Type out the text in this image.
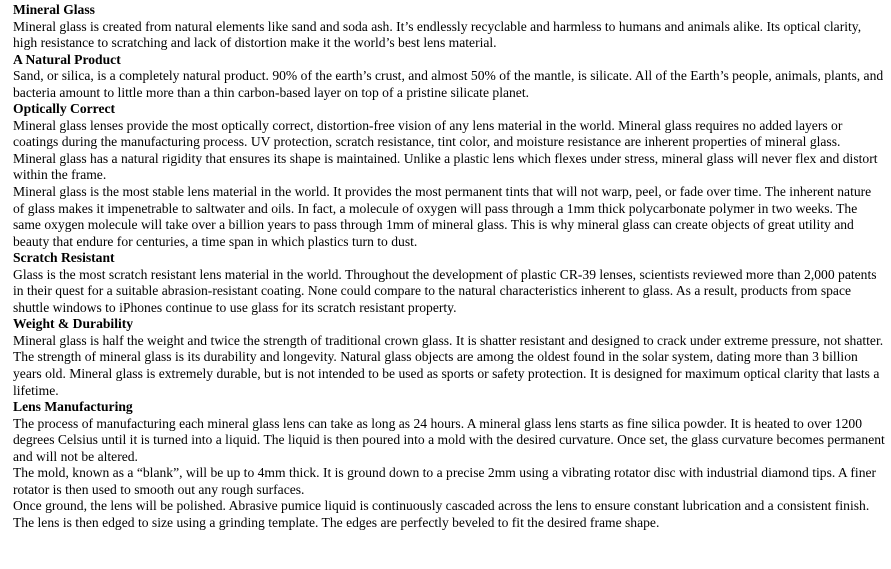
Mineral Glass
Mineral glass is created from natural elements like sand and soda ash. It’s endlessly recyclable and harmless to humans and animals alike. Its optical clarity, high resistance to scratching and lack of distortion make it the world’s best lens material.
A Natural Product
Sand, or silica, is a completely natural product. 90% of the earth’s crust, and almost 50% of the mantle, is silicate. All of the Earth’s people, animals, plants, and bacteria amount to little more than a thin carbon-based layer on top of a pristine silicate planet.
Optically Correct
Mineral glass lenses provide the most optically correct, distortion-free vision of any lens material in the world. Mineral glass requires no added layers or coatings during the manufacturing process. UV protection, scratch resistance, tint color, and moisture resistance are inherent properties of mineral glass.
Mineral glass has a natural rigidity that ensures its shape is maintained. Unlike a plastic lens which flexes under stress, mineral glass will never flex and distort within the frame.
Mineral glass is the most stable lens material in the world. It provides the most permanent tints that will not warp, peel, or fade over time. The inherent nature of glass makes it impenetrable to saltwater and oils. In fact, a molecule of oxygen will pass through a 1mm thick polycarbonate polymer in two weeks. The same oxygen molecule will take over a billion years to pass through 1mm of mineral glass. This is why mineral glass can create objects of great utility and beauty that endure for centuries, a time span in which plastics turn to dust.
Scratch Resistant
Glass is the most scratch resistant lens material in the world. Throughout the development of plastic CR-39 lenses, scientists reviewed more than 2,000 patents in their quest for a suitable abrasion-resistant coating. None could compare to the natural characteristics inherent to glass. As a result, products from space shuttle windows to iPhones continue to use glass for its scratch resistant property.
Weight & Durability
Mineral glass is half the weight and twice the strength of traditional crown glass. It is shatter resistant and designed to crack under extreme pressure, not shatter. The strength of mineral glass is its durability and longevity. Natural glass objects are among the oldest found in the solar system, dating more than 3 billion years old. Mineral glass is extremely durable, but is not intended to be used as sports or safety protection. It is designed for maximum optical clarity that lasts a lifetime.
Lens Manufacturing
The process of manufacturing each mineral glass lens can take as long as 24 hours. A mineral glass lens starts as fine silica powder. It is heated to over 1200 degrees Celsius until it is turned into a liquid. The liquid is then poured into a mold with the desired curvature. Once set, the glass curvature becomes permanent and will not be altered.
The mold, known as a “blank”, will be up to 4mm thick. It is ground down to a precise 2mm using a vibrating rotator disc with industrial diamond tips. A finer rotator is then used to smooth out any rough surfaces.
Once ground, the lens will be polished. Abrasive pumice liquid is continuously cascaded across the lens to ensure constant lubrication and a consistent finish. The lens is then edged to size using a grinding template. The edges are perfectly beveled to fit the desired frame shape.
